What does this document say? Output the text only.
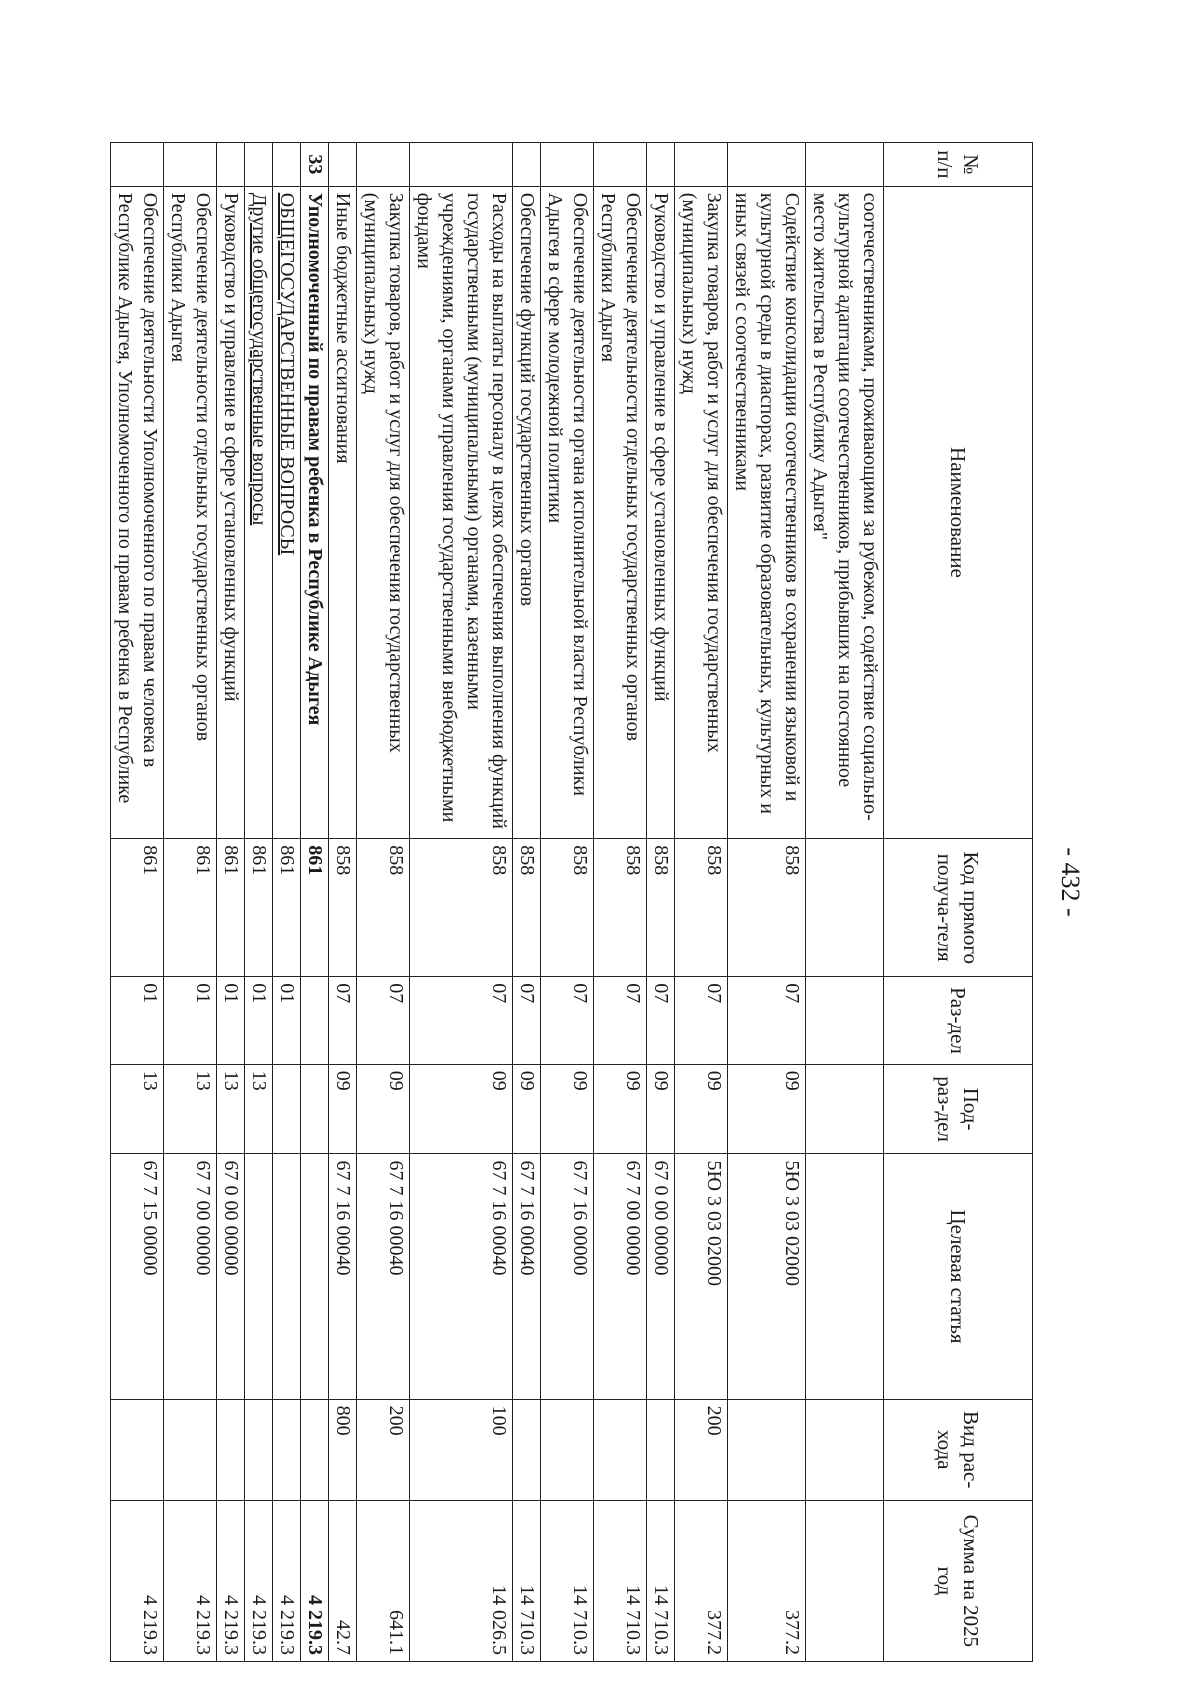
- 432 -
№ п/п	Наименование	Код прямого получа-теля	Раз-дел	Под-раз-дел	Целевая статья	Вид рас-хода	Сумма на 2025 год
	соотечественниками, проживающими за рубежом, содействие социально-культурной адаптации соотечественников, прибывших на постоянное место жительства в Республику Адыгея"						
	Содействие консолидации соотечественников в сохранении языковой и культурной среды в диаспорах, развитие образовательных, культурных и иных связей с соотечественниками	858	07	09	5Ю 3 03 02000		377.2
	Закупка товаров, работ и услуг для обеспечения государственных (муниципальных) нужд	858	07	09	5Ю 3 03 02000	200	377.2
	Руководство и управление в сфере установленных функций	858	07	09	67 0 00 00000		14 710.3
	Обеспечение деятельности отдельных государственных органов Республики Адыгея	858	07	09	67 7 00 00000		14 710.3
	Обеспечение деятельности органа исполнительной власти Республики Адыгея в сфере молодежной политики	858	07	09	67 7 16 00000		14 710.3
	Обеспечение функций государственных органов	858	07	09	67 7 16 00040		14 710.3
	Расходы на выплаты персоналу в целях обеспечения выполнения функций государственными (муниципальными) органами, казенными учреждениями, органами управления государственными внебюджетными фондами	858	07	09	67 7 16 00040	100	14 026.5
	Закупка товаров, работ и услуг для обеспечения государственных (муниципальных) нужд	858	07	09	67 7 16 00040	200	641.1
	Иные бюджетные ассигнования	858	07	09	67 7 16 00040	800	42.7
33	Уполномоченный по правам ребенка в Республике Адыгея	861					4 219.3
	ОБЩЕГОСУДАРСТВЕННЫЕ ВОПРОСЫ	861	01				4 219.3
	Другие общегосударственные вопросы	861	01	13			4 219.3
	Руководство и управление в сфере установленных функций	861	01	13	67 0 00 00000		4 219.3
	Обеспечение деятельности отдельных государственных органов Республики Адыгея	861	01	13	67 7 00 00000		4 219.3
	Обеспечение деятельности Уполномоченного по правам человека в Республике Адыгея, Уполномоченного по правам ребенка в Республике	861	01	13	67 7 15 00000		4 219.3
